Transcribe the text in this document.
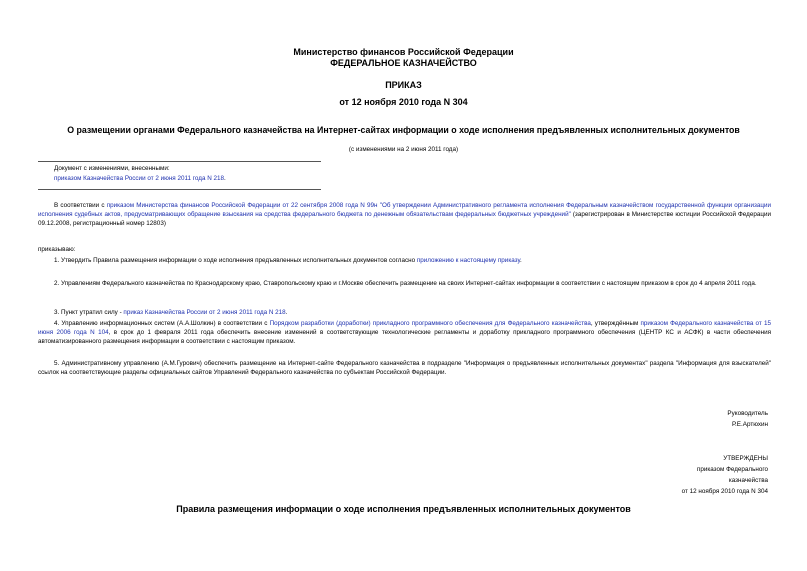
Министерство финансов Российской Федерации
ФЕДЕРАЛЬНОЕ КАЗНАЧЕЙСТВО
ПРИКАЗ
от 12 ноября 2010 года N 304
О размещении органами Федерального казначейства на Интернет-сайтах информации о ходе исполнения предъявленных исполнительных документов
(с изменениями на 2 июня 2011 года)
Документ с изменениями, внесенными:
приказом Казначейства России от 2 июня 2011 года N 218.
В соответствии с приказом Министерства финансов Российской Федерации от 22 сентября 2008 года N 99н "Об утверждении Административного регламента исполнения Федеральным казначейством государственной функции организации исполнения судебных актов, предусматривающих обращение взыскания на средства федерального бюджета по денежным обязательствам федеральных бюджетных учреждений" (зарегистрирован в Министерстве юстиции Российской Федерации 09.12.2008, регистрационный номер 12803)
приказываю:
1. Утвердить Правила размещения информации о ходе исполнения предъявленных исполнительных документов согласно приложению к настоящему приказу.
2. Управлениям Федерального казначейства по Краснодарскому краю, Ставропольскому краю и г.Москве обеспечить размещение на своих Интернет-сайтах информации в соответствии с настоящим приказом в срок до 4 апреля 2011 года.
3. Пункт утратил силу - приказ Казначейства России от 2 июня 2011 года N 218.
4. Управлению информационных систем (А.А.Шолкин) в соответствии с Порядком разработки (доработки) прикладного программного обеспечения для Федерального казначейства, утверждённым приказом Федерального казначейства от 15 июня 2006 года N 104, в срок до 1 февраля 2011 года обеспечить внесение изменений в соответствующие технологические регламенты и доработку прикладного программного обеспечения (ЦЕНТР КС и АСФК) в части обеспечения автоматизированного размещения информации в соответствии с настоящим приказом.
5. Административному управлению (А.М.Гурович) обеспечить размещение на Интернет-сайте Федерального казначейства в подразделе "Информация о предъявленных исполнительных документах" раздела "Информация для взыскателей" ссылок на соответствующие разделы официальных сайтов Управлений Федерального казначейства по субъектам Российской Федерации.
Руководитель
Р.Е.Артюхин
УТВЕРЖДЕНЫ
приказом Федерального
казначейства
от 12 ноября 2010 года N 304
Правила размещения информации о ходе исполнения предъявленных исполнительных документов
